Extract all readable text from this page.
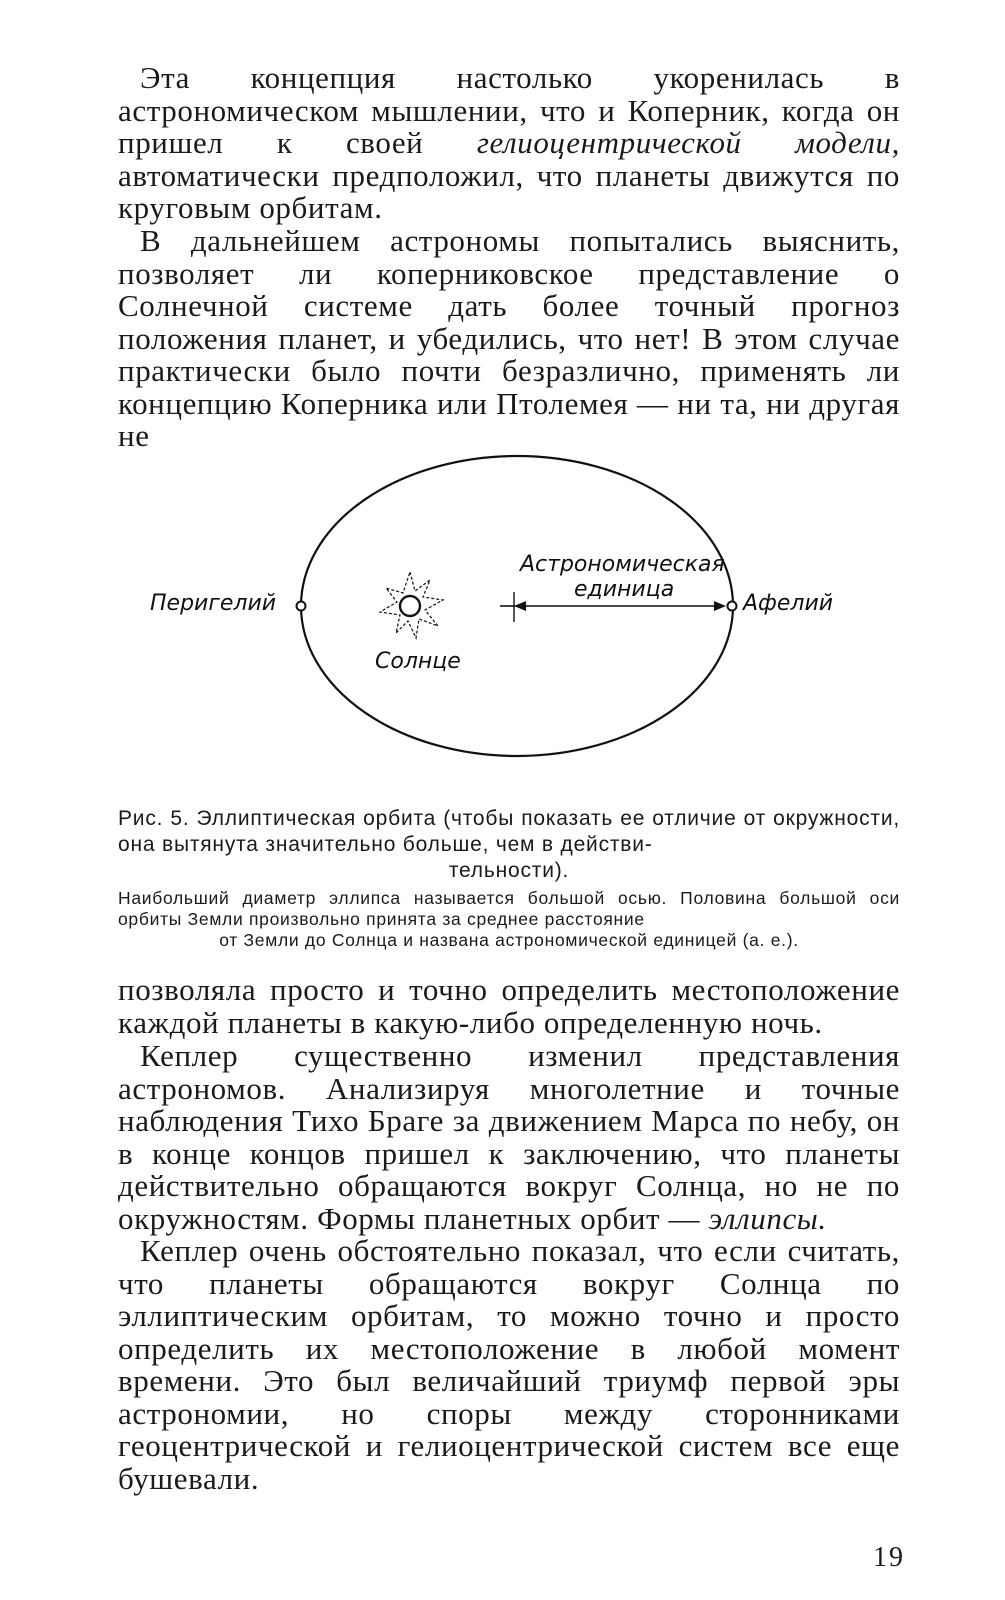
Эта концепция настолько укоренилась в астрономическом мышлении, что и Коперник, когда он пришел к своей гелиоцентрической модели, автоматически предположил, что планеты движутся по круговым орбитам.

В дальнейшем астрономы попытались выяснить, позволяет ли коперниковское представление о Солнечной системе дать более точный прогноз положения планет, и убедились, что нет! В этом случае практически было почти безразлично, применять ли концепцию Коперника или Птолемея — ни та, ни другая не

Перигелий

Солнце

Астрономическая

единица

Афелий

Рис. 5. Эллиптическая орбита (чтобы показать ее отличие от окружности, она вытянута значительно больше, чем в действи-
тельности).

Наибольший диаметр эллипса называется большой осью. Половина большой оси орбиты Земли произвольно принята за среднее расстояние
от Земли до Солнца и названа астрономической единицей (а. е.).

позволяла просто и точно определить местоположение каждой планеты в какую-либо определенную ночь.

Кеплер существенно изменил представления астрономов. Анализируя многолетние и точные наблюдения Тихо Браге за движением Марса по небу, он в конце концов пришел к заключению, что планеты действительно обращаются вокруг Солнца, но не по окружностям. Формы планетных орбит — эллипсы.

Кеплер очень обстоятельно показал, что если считать, что планеты обращаются вокруг Солнца по эллиптическим орбитам, то можно точно и просто определить их местоположение в любой момент времени. Это был величайший триумф первой эры астрономии, но споры между сторонниками геоцентрической и гелиоцентрической систем все еще бушевали.

19
